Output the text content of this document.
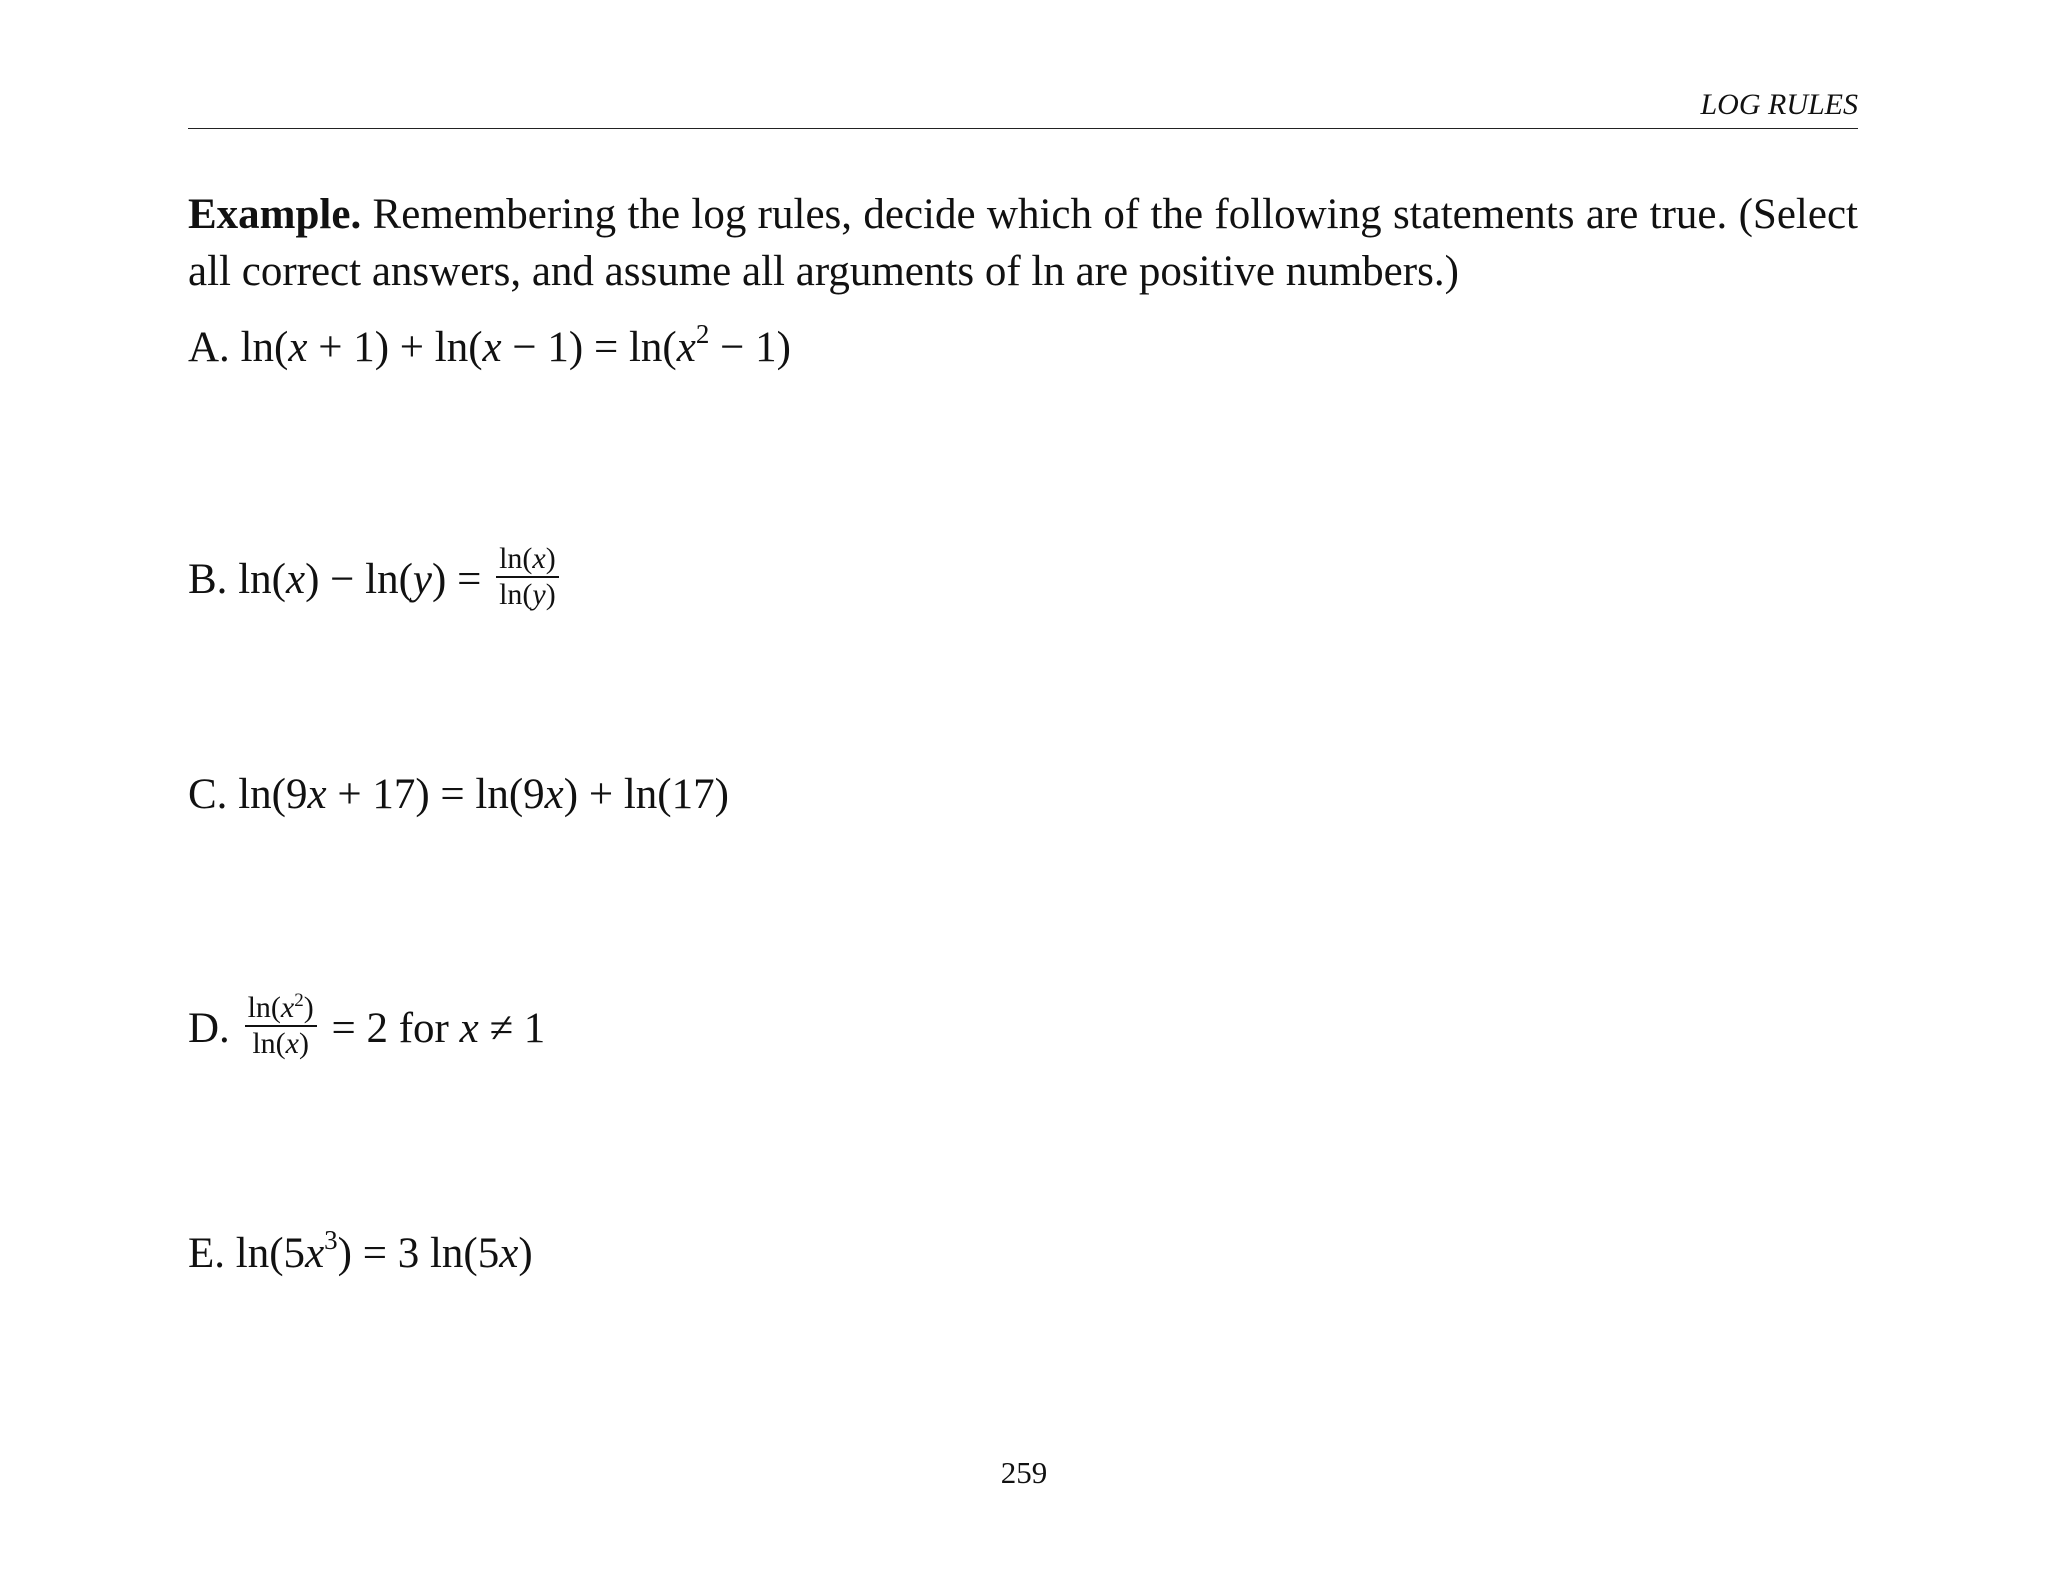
LOG RULES

Example. Remembering the log rules, decide which of the following statements are true. (Select all correct answers, and assume all arguments of ln are positive numbers.)

A. $\ln(x + 1) + \ln(x - 1) = \ln(x^2 - 1)$
B. $\ln(x) - \ln(y) = \frac{\ln(x)}{\ln(y)}$
C. ln(9x + 17) = ln(9x) + ln(17)
D. $\frac{\ln(x^2)}{\ln(x)} = 2$ for x ≠ 1
E. $\ln(5x^3) = 3$ ln(5x)
259
